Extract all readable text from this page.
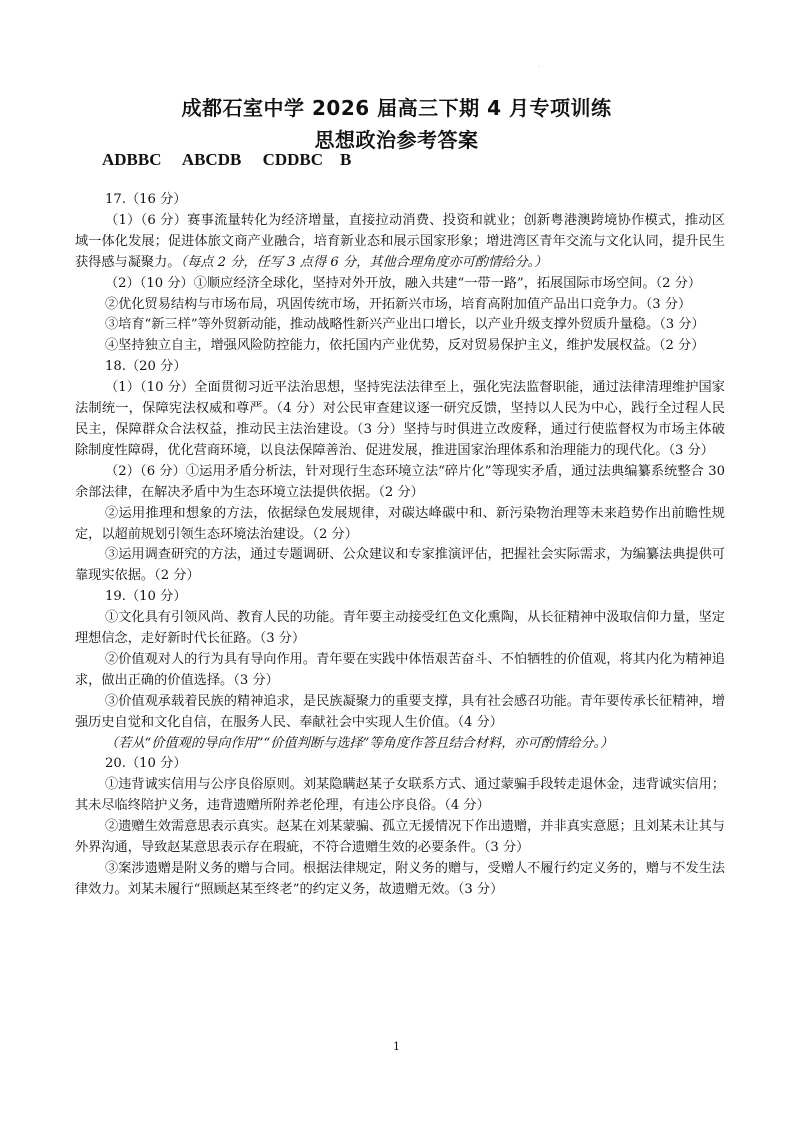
·
成都石室中学 2026 届高三下期 4 月专项训练
思想政治参考答案
ADBBC     ABCDB     CDDBC    B

17.（16 分）

（1）（6 分）赛事流量转化为经济增量，直接拉动消费、投资和就业；创新粤港澳跨境协作模式，推动区域一体化发展；促进体旅文商产业融合，培育新业态和展示国家形象；增进湾区青年交流与文化认同，提升民生获得感与凝聚力。（每点 2 分，任写 3 点得 6 分，其他合理角度亦可酌情给分。）

（2）（10 分）①顺应经济全球化，坚持对外开放，融入共建“一带一路”，拓展国际市场空间。（2 分）

②优化贸易结构与市场布局，巩固传统市场，开拓新兴市场，培育高附加值产品出口竞争力。（3 分）

③培育“新三样”等外贸新动能，推动战略性新兴产业出口增长，以产业升级支撑外贸质升量稳。（3 分）

④坚持独立自主，增强风险防控能力，依托国内产业优势，反对贸易保护主义，维护发展权益。（2 分）

18.（20 分）

（1）（10 分）全面贯彻习近平法治思想，坚持宪法法律至上，强化宪法监督职能，通过法律清理维护国家法制统一，保障宪法权威和尊严。（4 分）对公民审查建议逐一研究反馈，坚持以人民为中心，践行全过程人民民主，保障群众合法权益，推动民主法治建设。（3 分）坚持与时俱进立改废释，通过行使监督权为市场主体破除制度性障碍，优化营商环境，以良法保障善治、促进发展，推进国家治理体系和治理能力的现代化。（3 分）

（2）（6 分）①运用矛盾分析法，针对现行生态环境立法“碎片化”等现实矛盾，通过法典编纂系统整合 30 余部法律，在解决矛盾中为生态环境立法提供依据。（2 分）

②运用推理和想象的方法，依据绿色发展规律，对碳达峰碳中和、新污染物治理等未来趋势作出前瞻性规定，以超前规划引领生态环境法治建设。（2 分）

③运用调查研究的方法，通过专题调研、公众建议和专家推演评估，把握社会实际需求，为编纂法典提供可靠现实依据。（2 分）

19.（10 分）

①文化具有引领风尚、教育人民的功能。青年要主动接受红色文化熏陶，从长征精神中汲取信仰力量，坚定理想信念，走好新时代长征路。（3 分）

②价值观对人的行为具有导向作用。青年要在实践中体悟艰苦奋斗、不怕牺牲的价值观，将其内化为精神追求，做出正确的价值选择。（3 分）

③价值观承载着民族的精神追求，是民族凝聚力的重要支撑，具有社会感召功能。青年要传承长征精神，增强历史自觉和文化自信，在服务人民、奉献社会中实现人生价值。（4 分）

（若从“价值观的导向作用”“价值判断与选择”等角度作答且结合材料，亦可酌情给分。）

20.（10 分）

①违背诚实信用与公序良俗原则。刘某隐瞒赵某子女联系方式、通过蒙骗手段转走退休金，违背诚实信用；其未尽临终陪护义务，违背遗赠所附养老伦理，有违公序良俗。（4 分）

②遗赠生效需意思表示真实。赵某在刘某蒙骗、孤立无援情况下作出遗赠，并非真实意愿；且刘某未让其与外界沟通，导致赵某意思表示存在瑕疵，不符合遗赠生效的必要条件。（3 分）

③案涉遗赠是附义务的赠与合同。根据法律规定，附义务的赠与，受赠人不履行约定义务的，赠与不发生法律效力。刘某未履行“照顾赵某至终老”的约定义务，故遗赠无效。（3 分）

1
